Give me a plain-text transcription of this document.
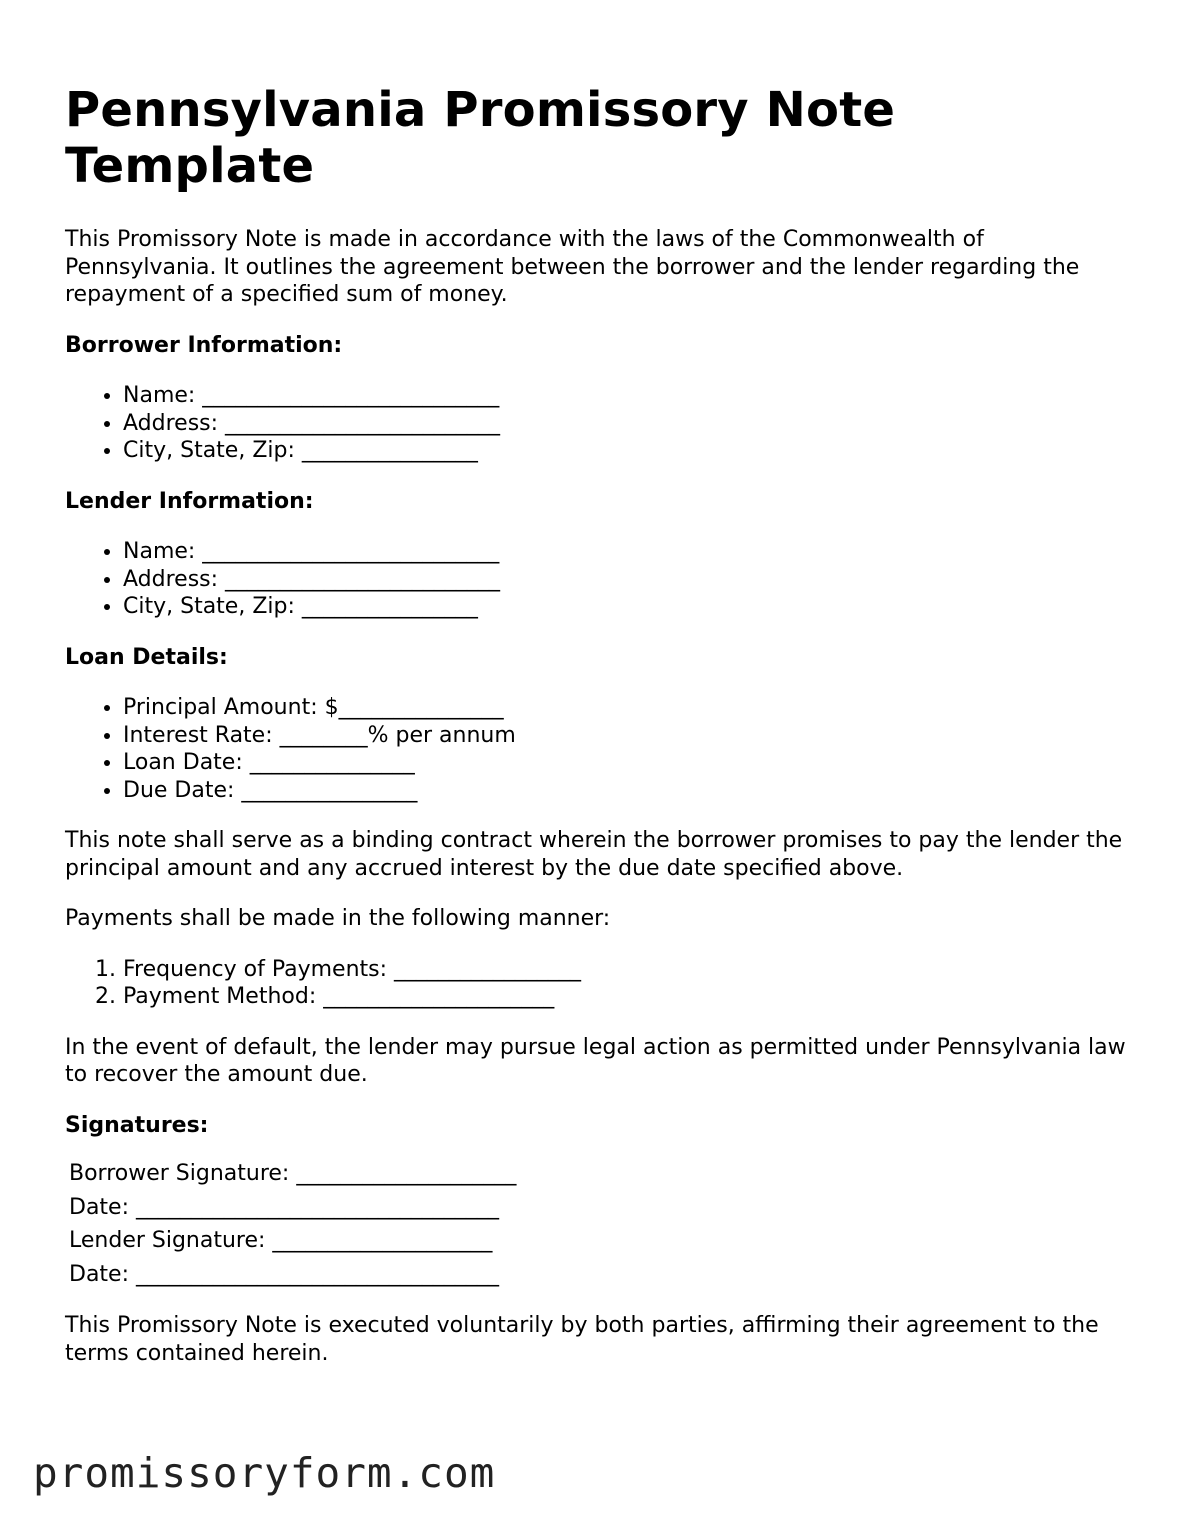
Pennsylvania Promissory Note Template

This Promissory Note is made in accordance with the laws of the Commonwealth of Pennsylvania. It outlines the agreement between the borrower and the lender regarding the repayment of a specified sum of money.

Borrower Information:
• Name: ___________________________
• Address: _________________________
• City, State, Zip: ________________
Lender Information:
• Name: ___________________________
• Address: _________________________
• City, State, Zip: ________________
Loan Details:
• Principal Amount: $_______________
• Interest Rate: ________% per annum
• Loan Date: _______________
• Due Date: ________________

This note shall serve as a binding contract wherein the borrower promises to pay the lender the principal amount and any accrued interest by the due date specified above.

Payments shall be made in the following manner:

1. Frequency of Payments: _________________
2. Payment Method: _____________________

In the event of default, the lender may pursue legal action as permitted under Pennsylvania law to recover the amount due.

Signatures:
Borrower Signature: ____________________
Date: _________________________________
Lender Signature: ____________________
Date: _________________________________

This Promissory Note is executed voluntarily by both parties, affirming their agreement to the terms contained herein.

promissoryform.com
